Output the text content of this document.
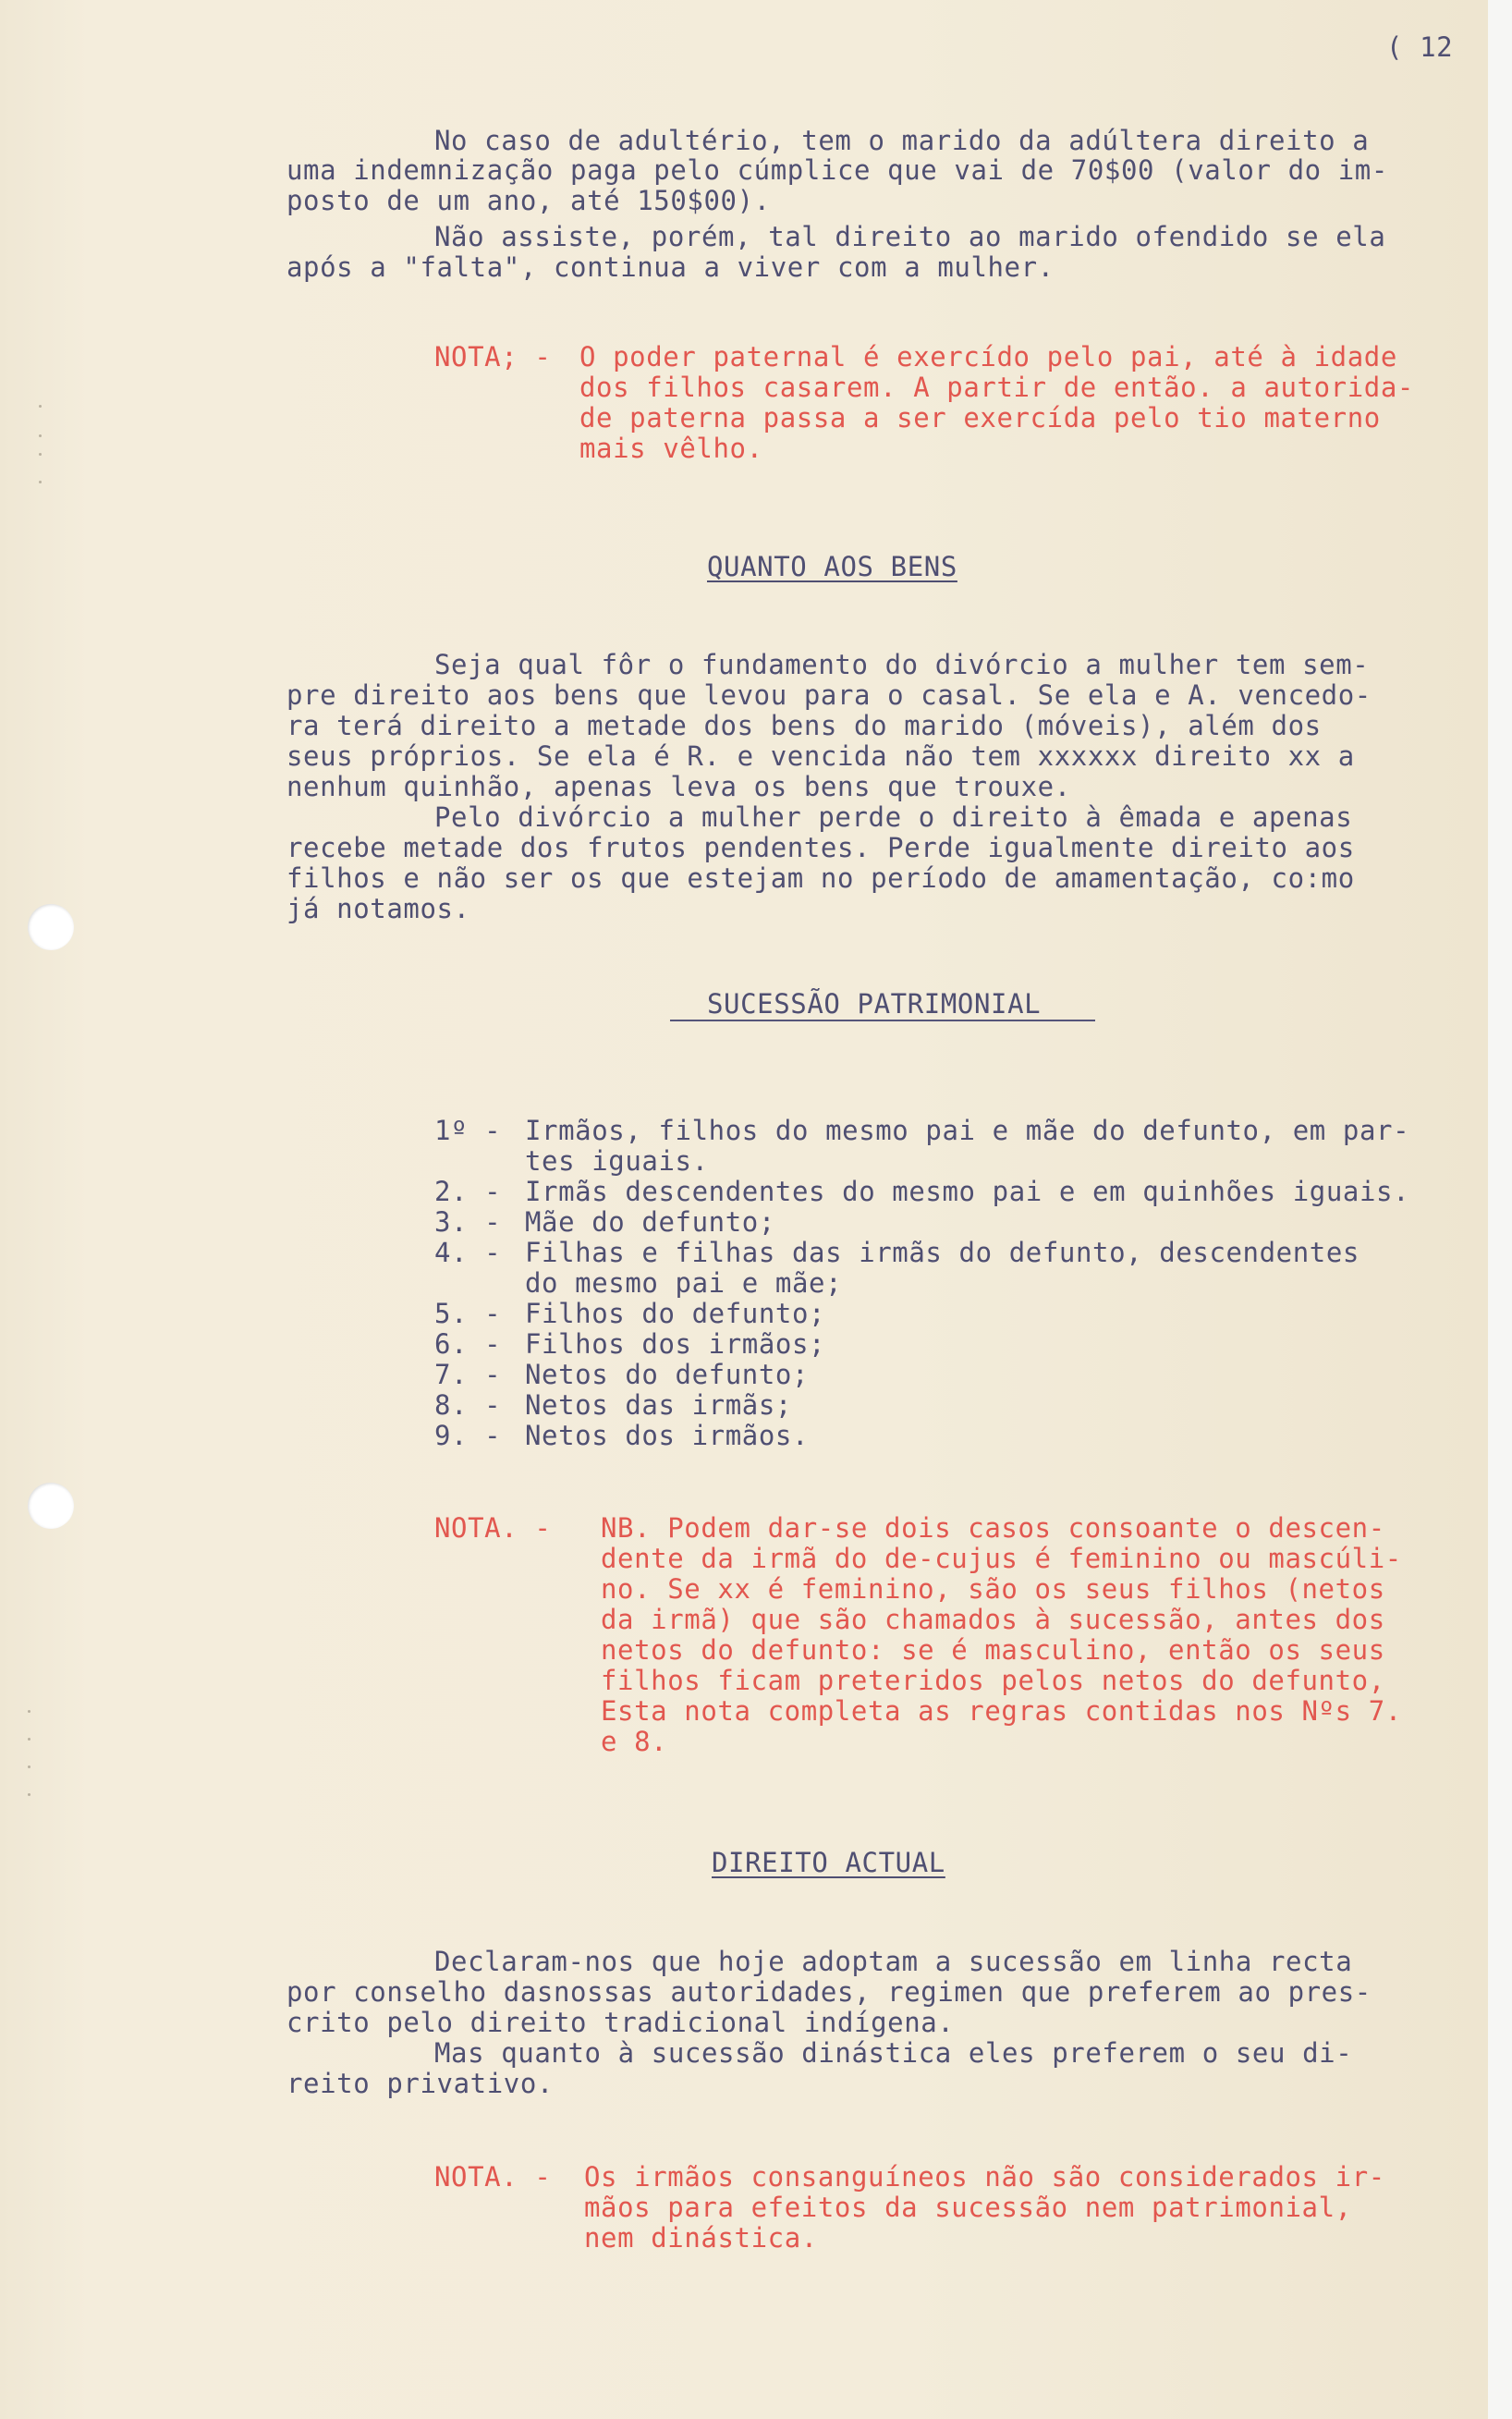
( 12
No caso de adultério, tem o marido da adúltera direito a
uma indemnização paga pelo cúmplice que vai de 70$00 (valor do im-
posto de um ano, até 150$00).
Não assiste, porém, tal direito ao marido ofendido se ela
após a "falta", continua a viver com a mulher.
NOTA; - O poder paternal é exercído pelo pai, até à idade
dos filhos casarem. A partir de então. a autorida-
de paterna passa a ser exercída pelo tio materno
mais vêlho.
QUANTO AOS BENS
Seja qual fôr o fundamento do divórcio a mulher tem sem-
pre direito aos bens que levou para o casal. Se ela e A. vencedo-
ra terá direito a metade dos bens do marido (móveis), além dos
seus próprios. Se ela é R. e vencida não tem xxxxxx direito xx a
nenhum quinhão, apenas leva os bens que trouxe.
Pelo divórcio a mulher perde o direito à êmada e apenas
recebe metade dos frutos pendentes. Perde igualmente direito aos
filhos e não ser os que estejam no período de amamentação, co:mo
já notamos.
SUCESSÃO PATRIMONIAL
1º - Irmãos, filhos do mesmo pai e mãe do defunto, em par-
tes iguais.
2. - Irmãs descendentes do mesmo pai e em quinhões iguais.
3. - Mãe do defunto;
4. - Filhas e filhas das irmãs do defunto, descendentes
do mesmo pai e mãe;
5. - Filhos do defunto;
6. - Filhos dos irmãos;
7. - Netos do defunto;
8. - Netos das irmãs;
9. - Netos dos irmãos.
NOTA. - NB. Podem dar-se dois casos consoante o descen-
dente da irmã do de-cujus é feminino ou mascúli-
no. Se xx é feminino, são os seus filhos (netos
da irmã) que são chamados à sucessão, antes dos
netos do defunto: se é masculino, então os seus
filhos ficam preteridos pelos netos do defunto,
Esta nota completa as regras contidas nos Nºs 7.
e 8.
DIREITO ACTUAL
Declaram-nos que hoje adoptam a sucessão em linha recta
por conselho dasnossas autoridades, regimen que preferem ao pres-
crito pelo direito tradicional indígena.
Mas quanto à sucessão dinástica eles preferem o seu di-
reito privativo.
NOTA. - Os irmãos consanguíneos não são considerados ir-
mãos para efeitos da sucessão nem patrimonial,
nem dinástica.
